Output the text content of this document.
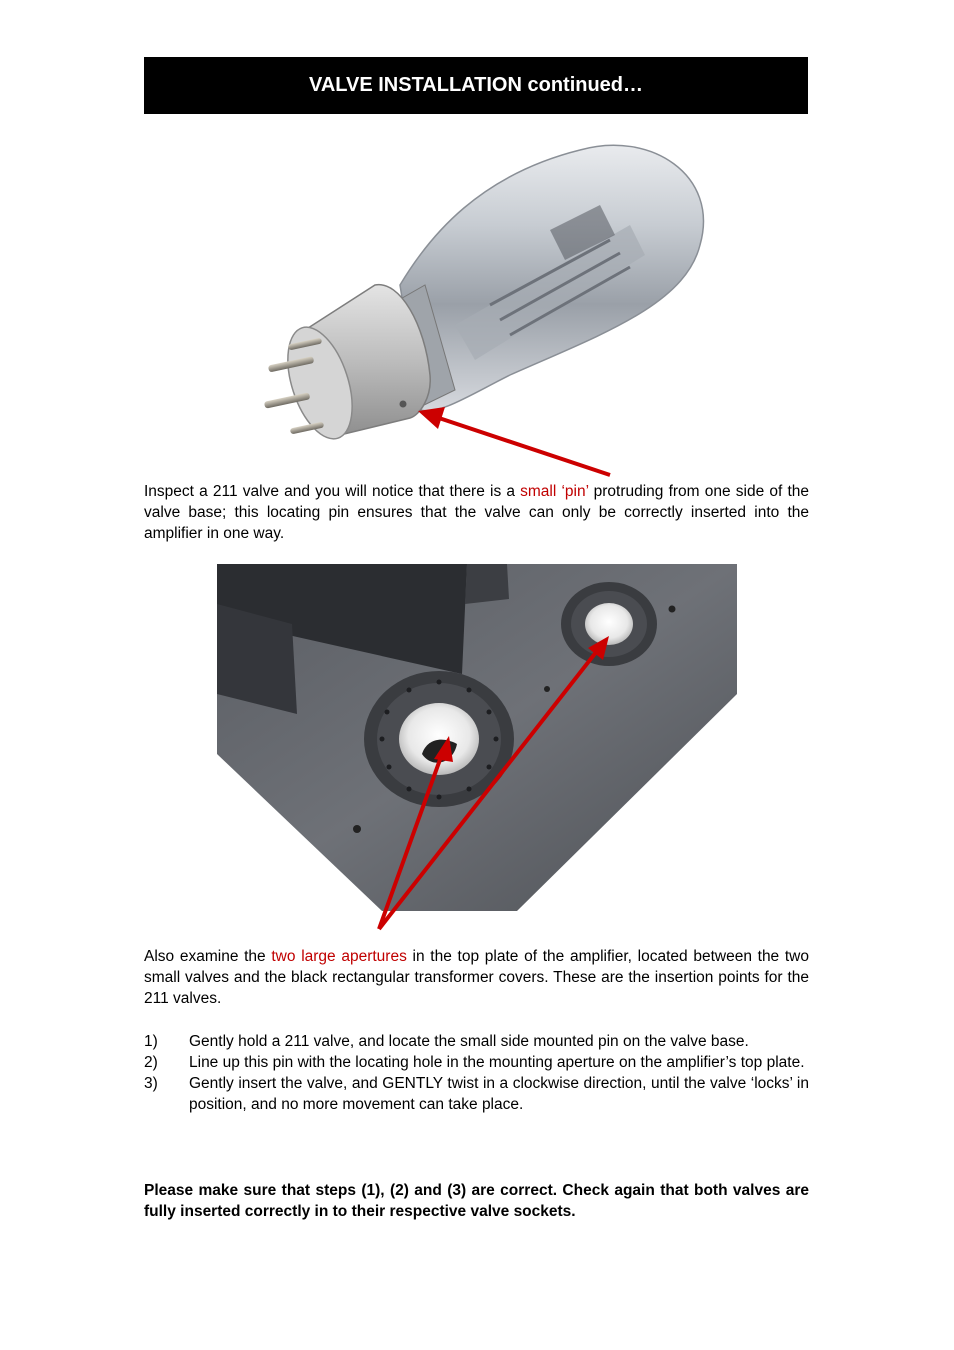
VALVE INSTALLATION continued…

Inspect a 211 valve and you will notice that there is a small ‘pin’ protruding from one side of the valve base; this locating pin ensures that the valve can only be correctly inserted into the amplifier in one way.

Also examine the two large apertures in the top plate of the amplifier, located between the two small valves and the black rectangular transformer covers. These are the insertion points for the 211 valves.

1)	Gently hold a 211 valve, and locate the small side mounted pin on the valve base.
2)	Line up this pin with the locating hole in the mounting aperture on the amplifier’s top plate.
3)	Gently insert the valve, and GENTLY twist in a clockwise direction, until the valve ‘locks’ in position, and no more movement can take place.

Please make sure that steps (1), (2) and (3) are correct. Check again that both valves are fully inserted correctly in to their respective valve sockets.
